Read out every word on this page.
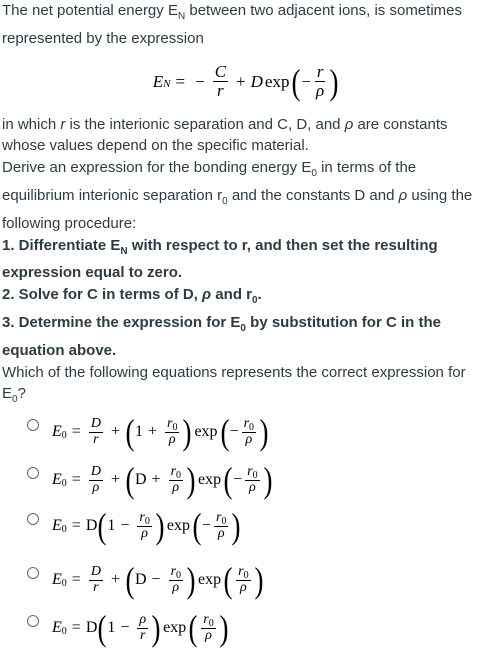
The net potential energy $E_N$ between two adjacent ions, is sometimes represented by the expression

E N = − $\frac{C}{r} + D$ exp ( − $\frac{r}{\rho}$ )

in which r is the interionic separation and C, D, and ρ are constants whose values depend on the specific material.

Derive an expression for the bonding energy $E_0$ in terms of the equilibrium interionic separation $r_0$ and the constants D and ρ using the following procedure:

1. Differentiate $E_N$ with respect to r, and then set the resulting expression equal to zero.

2. Solve for C in terms of D, ρ and $r_0$.

3. Determine the expression for $E_0$ by substitution for C in the equation above.

Which of the following equations represents the correct expression for $E_0$?

E $0 = \frac{D}{r}$ + ( $1 + \frac{r_0}{\rho}$ ) exp ( − $\frac{r_0}{\rho}$ )
E $0 = \frac{D}{\rho}$ + ( $D + \frac{r_0}{\rho}$ ) exp ( − $\frac{r_0}{\rho}$ )
E 0 = D ( $1 - \frac{r_0}{\rho}$ ) exp ( − $\frac{r_0}{\rho}$ )
E $0 = \frac{D}{r}$ + ( $D - \frac{r_0}{\rho}$ ) exp ( $\frac{r_0}{\rho}$ )
E 0 = D ( $1 - \frac{\rho}{r}$ ) exp ( $\frac{r_0}{\rho}$ )
